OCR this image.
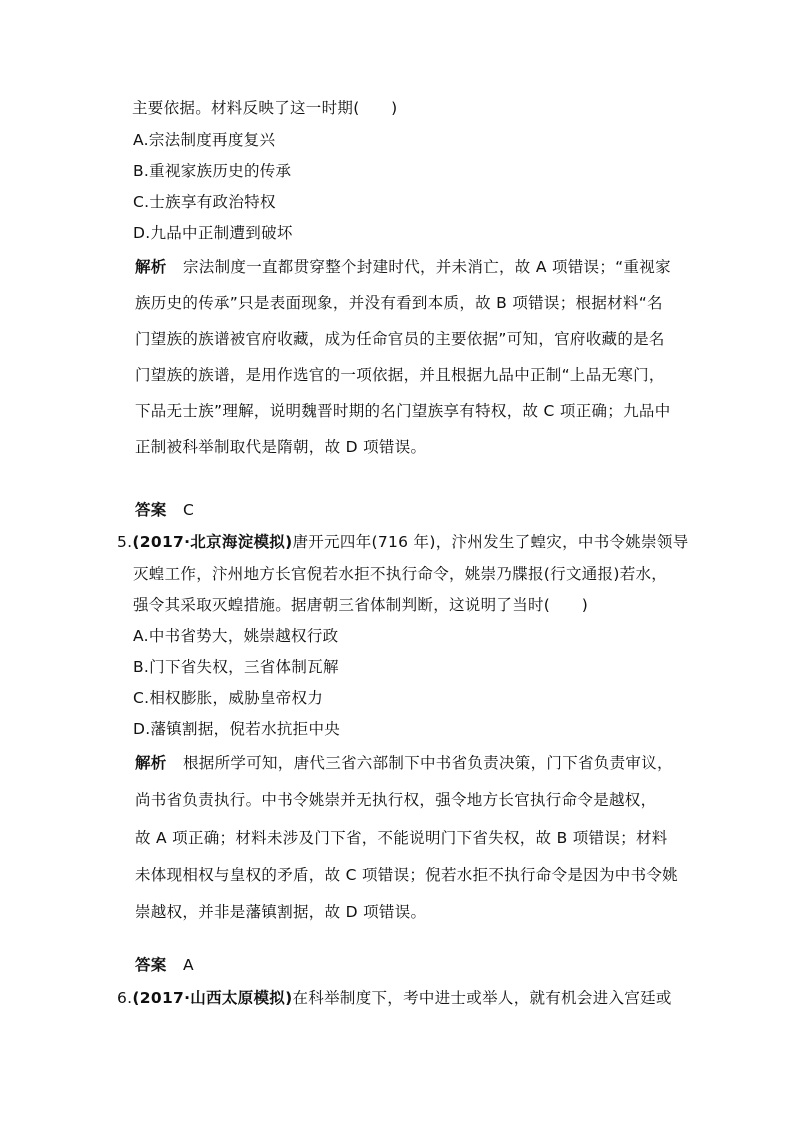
主要依据。材料反映了这一时期(　　)
A.宗法制度再度复兴
B.重视家族历史的传承
C.士族享有政治特权
D.九品中正制遭到破坏
解析 宗法制度一直都贯穿整个封建时代，并未消亡，故 A 项错误；“重视家
族历史的传承”只是表面现象，并没有看到本质，故 B 项错误；根据材料“名
门望族的族谱被官府收藏，成为任命官员的主要依据”可知，官府收藏的是名
门望族的族谱，是用作选官的一项依据，并且根据九品中正制“上品无寒门，
下品无士族”理解，说明魏晋时期的名门望族享有特权，故 C 项正确；九品中
正制被科举制取代是隋朝，故 D 项错误。
答案 C
5.(2017·北京海淀模拟)唐开元四年(716 年)，汴州发生了蝗灾，中书令姚崇领导
灭蝗工作，汴州地方长官倪若水拒不执行命令，姚崇乃牒报(行文通报)若水，
强令其采取灭蝗措施。据唐朝三省体制判断，这说明了当时(　　)
A.中书省势大，姚崇越权行政
B.门下省失权，三省体制瓦解
C.相权膨胀，威胁皇帝权力
D.藩镇割据，倪若水抗拒中央
解析 根据所学可知，唐代三省六部制下中书省负责决策，门下省负责审议，
尚书省负责执行。中书令姚崇并无执行权，强令地方长官执行命令是越权，
故 A 项正确；材料未涉及门下省，不能说明门下省失权，故 B 项错误；材料
未体现相权与皇权的矛盾，故 C 项错误；倪若水拒不执行命令是因为中书令姚
崇越权，并非是藩镇割据，故 D 项错误。
答案 A
6.(2017·山西太原模拟)在科举制度下，考中进士或举人，就有机会进入宫廷或
